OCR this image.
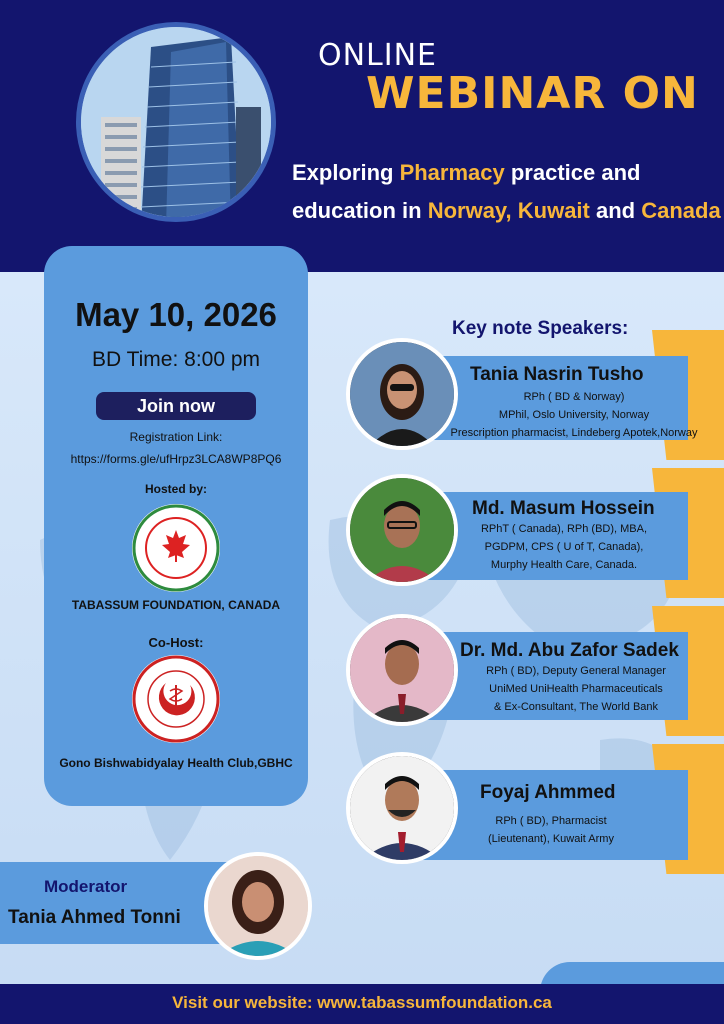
ONLINE
WEBINAR ON
Exploring Pharmacy practice and
education in Norway, Kuwait and Canada
May 10, 2026
BD Time: 8:00 pm
Join now
Registration Link:
https://forms.gle/ufHrpz3LCA8WP8PQ6
Hosted by:
TABASSUM FOUNDATION, CANADA
Co-Host:
Gono Bishwabidyalay Health Club,GBHC
Key note Speakers:
Tania Nasrin Tusho
RPh ( BD & Norway)
MPhil, Oslo University, Norway
Prescription pharmacist, Lindeberg Apotek,Norway
Md. Masum Hossein
RPhT ( Canada), RPh (BD), MBA,
PGDPM, CPS ( U of T, Canada),
Murphy Health Care, Canada.
Dr. Md. Abu Zafor Sadek
RPh ( BD), Deputy General Manager
UniMed UniHealth Pharmaceuticals
& Ex-Consultant, The World Bank
Foyaj Ahmmed
RPh ( BD), Pharmacist
(Lieutenant), Kuwait Army
Moderator
Tania Ahmed Tonni
Visit our website: www.tabassumfoundation.ca
